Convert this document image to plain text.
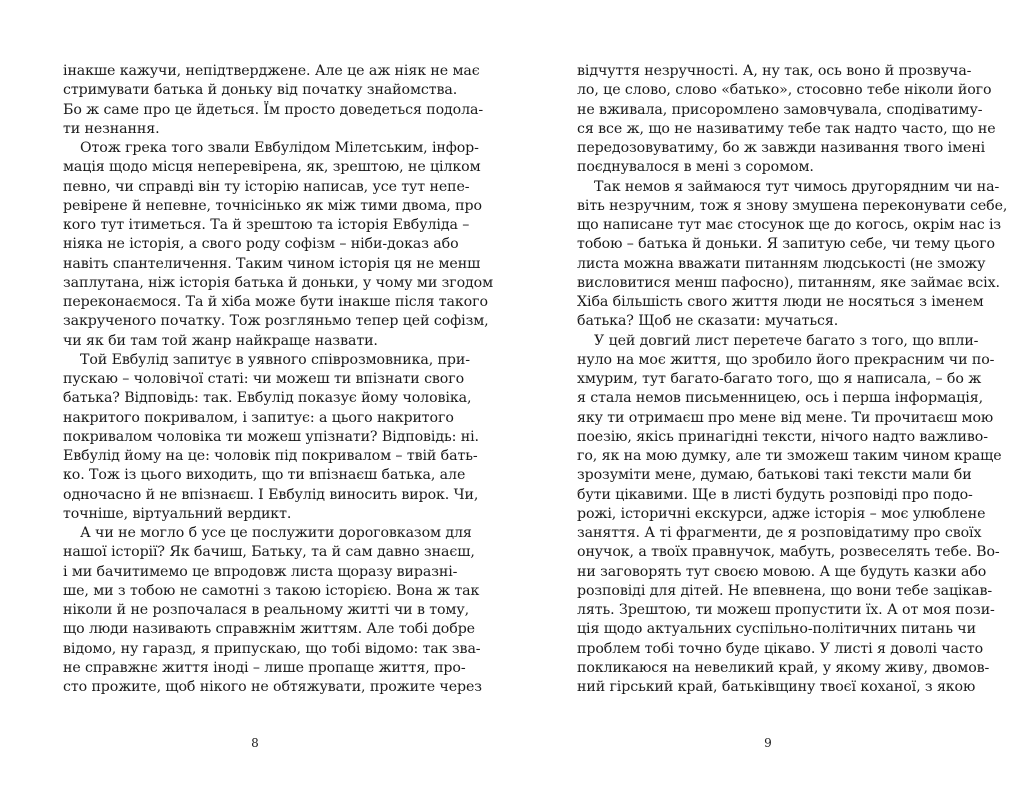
інакше кажучи, непідтверджене. Але це аж ніяк не має
стримувати батька й доньку від початку знайомства.
Бо ж саме про це йдеться. Їм просто доведеться подола-
ти незнання.
Отож грека того звали Евбулідом Мілетським, інфор-
мація щодо місця неперевірена, як, зрештою, не цілком
певно, чи справді він ту історію написав, усе тут непе-
ревірене й непевне, точнісінько як між тими двома, про
кого тут ітиметься. Та й зрештою та історія Евбуліда –
ніяка не історія, а свого роду софізм – ніби-доказ або
навіть спантеличення. Таким чином історія ця не менш
заплутана, ніж історія батька й доньки, у чому ми згодом
переконаємося. Та й хіба може бути інакше після такого
закрученого початку. Тож розгляньмо тепер цей софізм,
чи як би там той жанр найкраще назвати.
Той Евбулід запитує в уявного співрозмовника, при-
пускаю – чоловічої статі: чи можеш ти впізнати свого
батька? Відповідь: так. Евбулід показує йому чоловіка,
накритого покривалом, і запитує: а цього накритого
покривалом чоловіка ти можеш упізнати? Відповідь: ні.
Евбулід йому на це: чоловік під покривалом – твій бать-
ко. Тож із цього виходить, що ти впізнаєш батька, але
одночасно й не впізнаєш. І Евбулід виносить вирок. Чи,
точніше, віртуальний вердикт.
А чи не могло б усе це послужити дороговказом для
нашої історії? Як бачиш, Батьку, та й сам давно знаєш,
і ми бачитимемо це впродовж листа щоразу виразні-
ше, ми з тобою не самотні з такою історією. Вона ж так
ніколи й не розпочалася в реальному житті чи в тому,
що люди називають справжнім життям. Але тобі добре
відомо, ну гаразд, я припускаю, що тобі відомо: так зва-
не справжнє життя іноді – лише пропаще життя, про-
сто прожите, щоб нікого не обтяжувати, прожите через
відчуття незручності. А, ну так, ось воно й прозвуча-
ло, це слово, слово «батько», стосовно тебе ніколи його
не вживала, присоромлено замовчувала, сподіватиму-
ся все ж, що не називатиму тебе так надто часто, що не
передозовуватиму, бо ж завжди називання твого імені
поєднувалося в мені з соромом.
Так немов я займаюся тут чимось другорядним чи на-
віть незручним, тож я знову змушена переконувати себе,
що написане тут має стосунок ще до когось, окрім нас із
тобою – батька й доньки. Я запитую себе, чи тему цього
листа можна вважати питанням людськості (не зможу
висловитися менш пафосно), питанням, яке займає всіх.
Хіба більшість свого життя люди не носяться з іменем
батька? Щоб не сказати: мучаться.
У цей довгий лист перетече багато з того, що впли-
нуло на моє життя, що зробило його прекрасним чи по-
хмурим, тут багато-багато того, що я написала, – бо ж
я стала немов письменницею, ось і перша інформація,
яку ти отримаєш про мене від мене. Ти прочитаєш мою
поезію, якісь принагідні тексти, нічого надто важливо-
го, як на мою думку, але ти зможеш таким чином краще
зрозуміти мене, думаю, батькові такі тексти мали би
бути цікавими. Ще в листі будуть розповіді про подо-
рожі, історичні екскурси, адже історія – моє улюблене
заняття. А ті фрагменти, де я розповідатиму про своїх
онучок, а твоїх правнучок, мабуть, розвеселять тебе. Во-
ни заговорять тут своєю мовою. А ще будуть казки або
розповіді для дітей. Не впевнена, що вони тебе зацікав-
лять. Зрештою, ти можеш пропустити їх. А от моя пози-
ція щодо актуальних суспільно-політичних питань чи
проблем тобі точно буде цікаво. У листі я доволі часто
покликаюся на невеликий край, у якому живу, двомов-
ний гірський край, батьківщину твоєї коханої, з якою
8	9
